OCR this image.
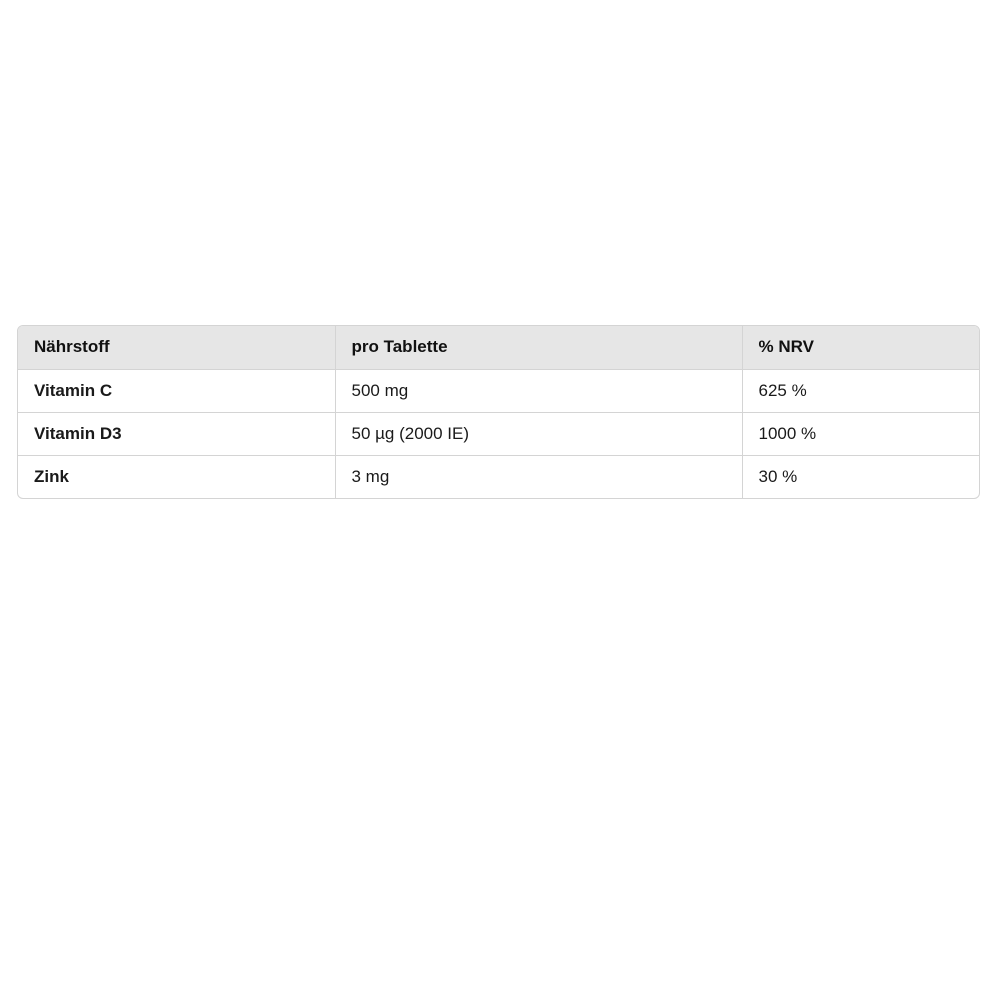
Nährstoff	pro Tablette	% NRV
Vitamin C	500 mg	625 %
Vitamin D3	50 µg (2000 IE)	1000 %
Zink	3 mg	30 %
